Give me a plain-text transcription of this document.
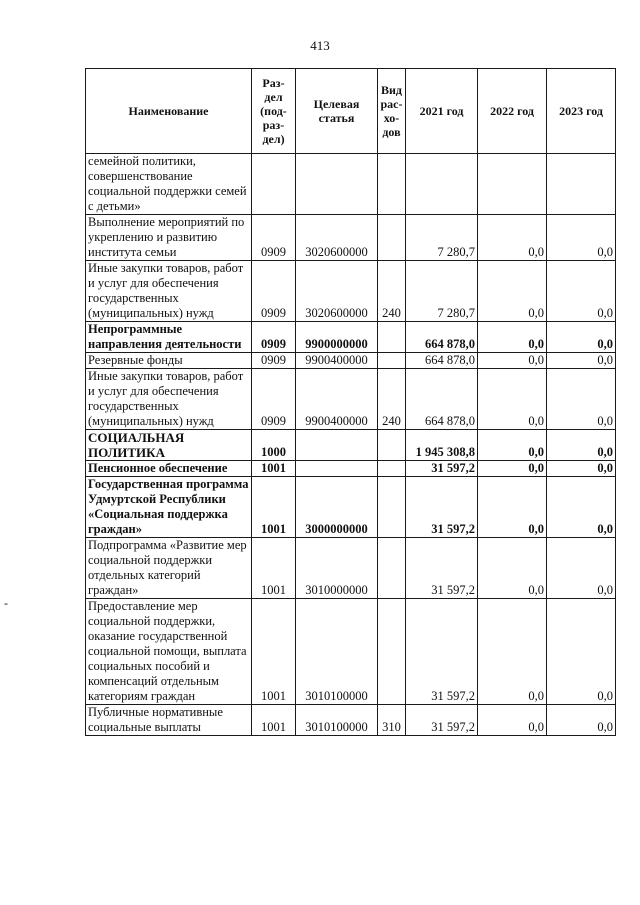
413
-
Наименование	Раз-
дел
(под-
раз-
дел)	Целевая
статья	Вид
рас-
хо-
дов	2021 год	2022 год	2023 год
семейной политики, совершенствование социальной поддержки семей с детьми»						
Выполнение мероприятий по укреплению и развитию института семьи	0909	3020600000		7 280,7	0,0	0,0
Иные закупки товаров, работ и услуг для обеспечения государственных (муниципальных) нужд	0909	3020600000	240	7 280,7	0,0	0,0
Непрограммные направления деятельности	0909	9900000000		664 878,0	0,0	0,0
Резервные фонды	0909	9900400000		664 878,0	0,0	0,0
Иные закупки товаров, работ и услуг для обеспечения государственных (муниципальных) нужд	0909	9900400000	240	664 878,0	0,0	0,0
СОЦИАЛЬНАЯ ПОЛИТИКА	1000			1 945 308,8	0,0	0,0
Пенсионное обеспечение	1001			31 597,2	0,0	0,0
Государственная программа Удмуртской Республики «Социальная поддержка граждан»	1001	3000000000		31 597,2	0,0	0,0
Подпрограмма «Развитие мер социальной поддержки отдельных категорий граждан»	1001	3010000000		31 597,2	0,0	0,0
Предоставление мер социальной поддержки, оказание государственной социальной помощи, выплата социальных пособий и компенсаций отдельным категориям граждан	1001	3010100000		31 597,2	0,0	0,0
Публичные нормативные социальные выплаты	1001	3010100000	310	31 597,2	0,0	0,0
